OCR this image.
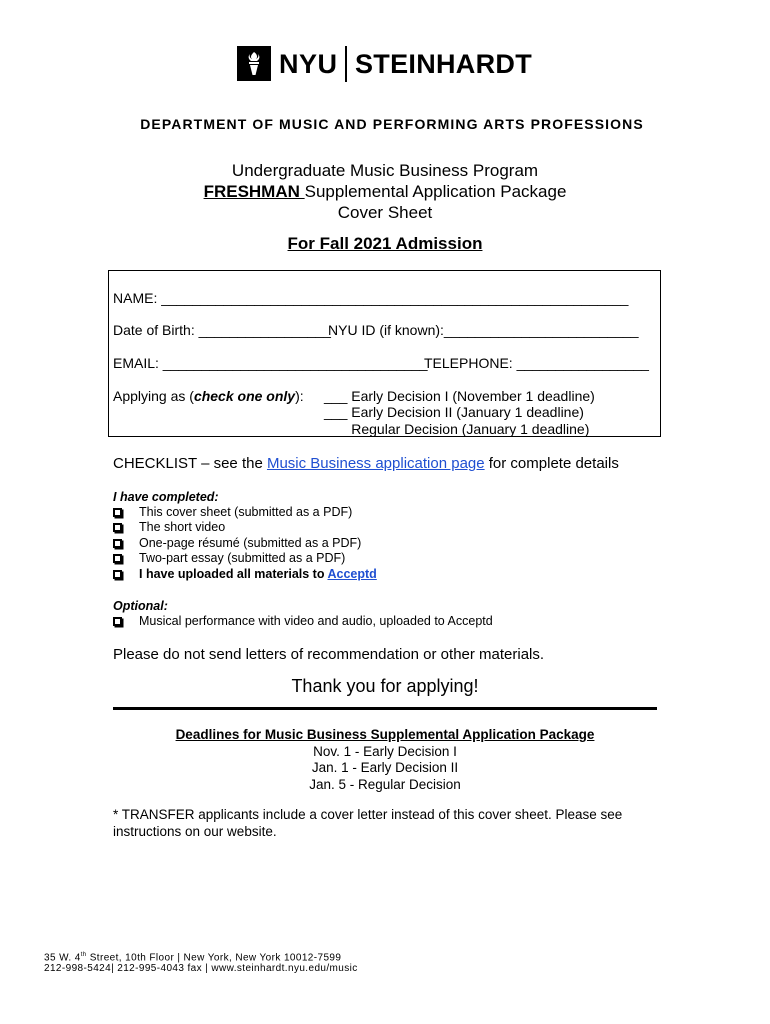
NYU STEINHARDT
DEPARTMENT OF MUSIC AND PERFORMING ARTS PROFESSIONS
Undergraduate Music Business Program
FRESHMAN Supplemental Application Package
Cover Sheet
For Fall 2021 Admission
NAME: ____________________________________________________________
Date of Birth: _________________
NYU ID (if known):_________________________
EMAIL: __________________________________
TELEPHONE: _________________
Applying as (check one only): ___ Early Decision I (November 1 deadline)
___ Early Decision II (January 1 deadline)
___ Regular Decision (January 1 deadline)
CHECKLIST – see the Music Business application page for complete details
I have completed:
This cover sheet (submitted as a PDF)
The short video
One-page résumé (submitted as a PDF)
Two-part essay (submitted as a PDF)
I have uploaded all materials to Acceptd
Optional:
Musical performance with video and audio, uploaded to Acceptd
Please do not send letters of recommendation or other materials.
Thank you for applying!
Deadlines for Music Business Supplemental Application Package
Nov. 1 - Early Decision I
Jan. 1 - Early Decision II
Jan. 5 - Regular Decision
* TRANSFER applicants include a cover letter instead of this cover sheet. Please see
instructions on our website.
35 W. 4th Street, 10th Floor | New York, New York 10012-7599
212-998-5424| 212-995-4043 fax | www.steinhardt.nyu.edu/music
